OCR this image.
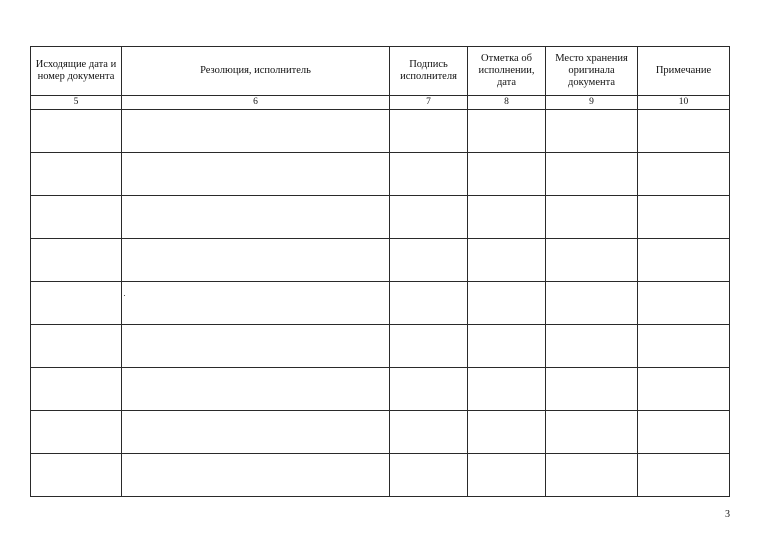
Исходящие дата и номер документа	Резолюция, исполнитель	Подпись исполнителя	Отметка об исполнении, дата	Место хранения оригинала документа	Примечание
5	6	7	8	9	10

3
